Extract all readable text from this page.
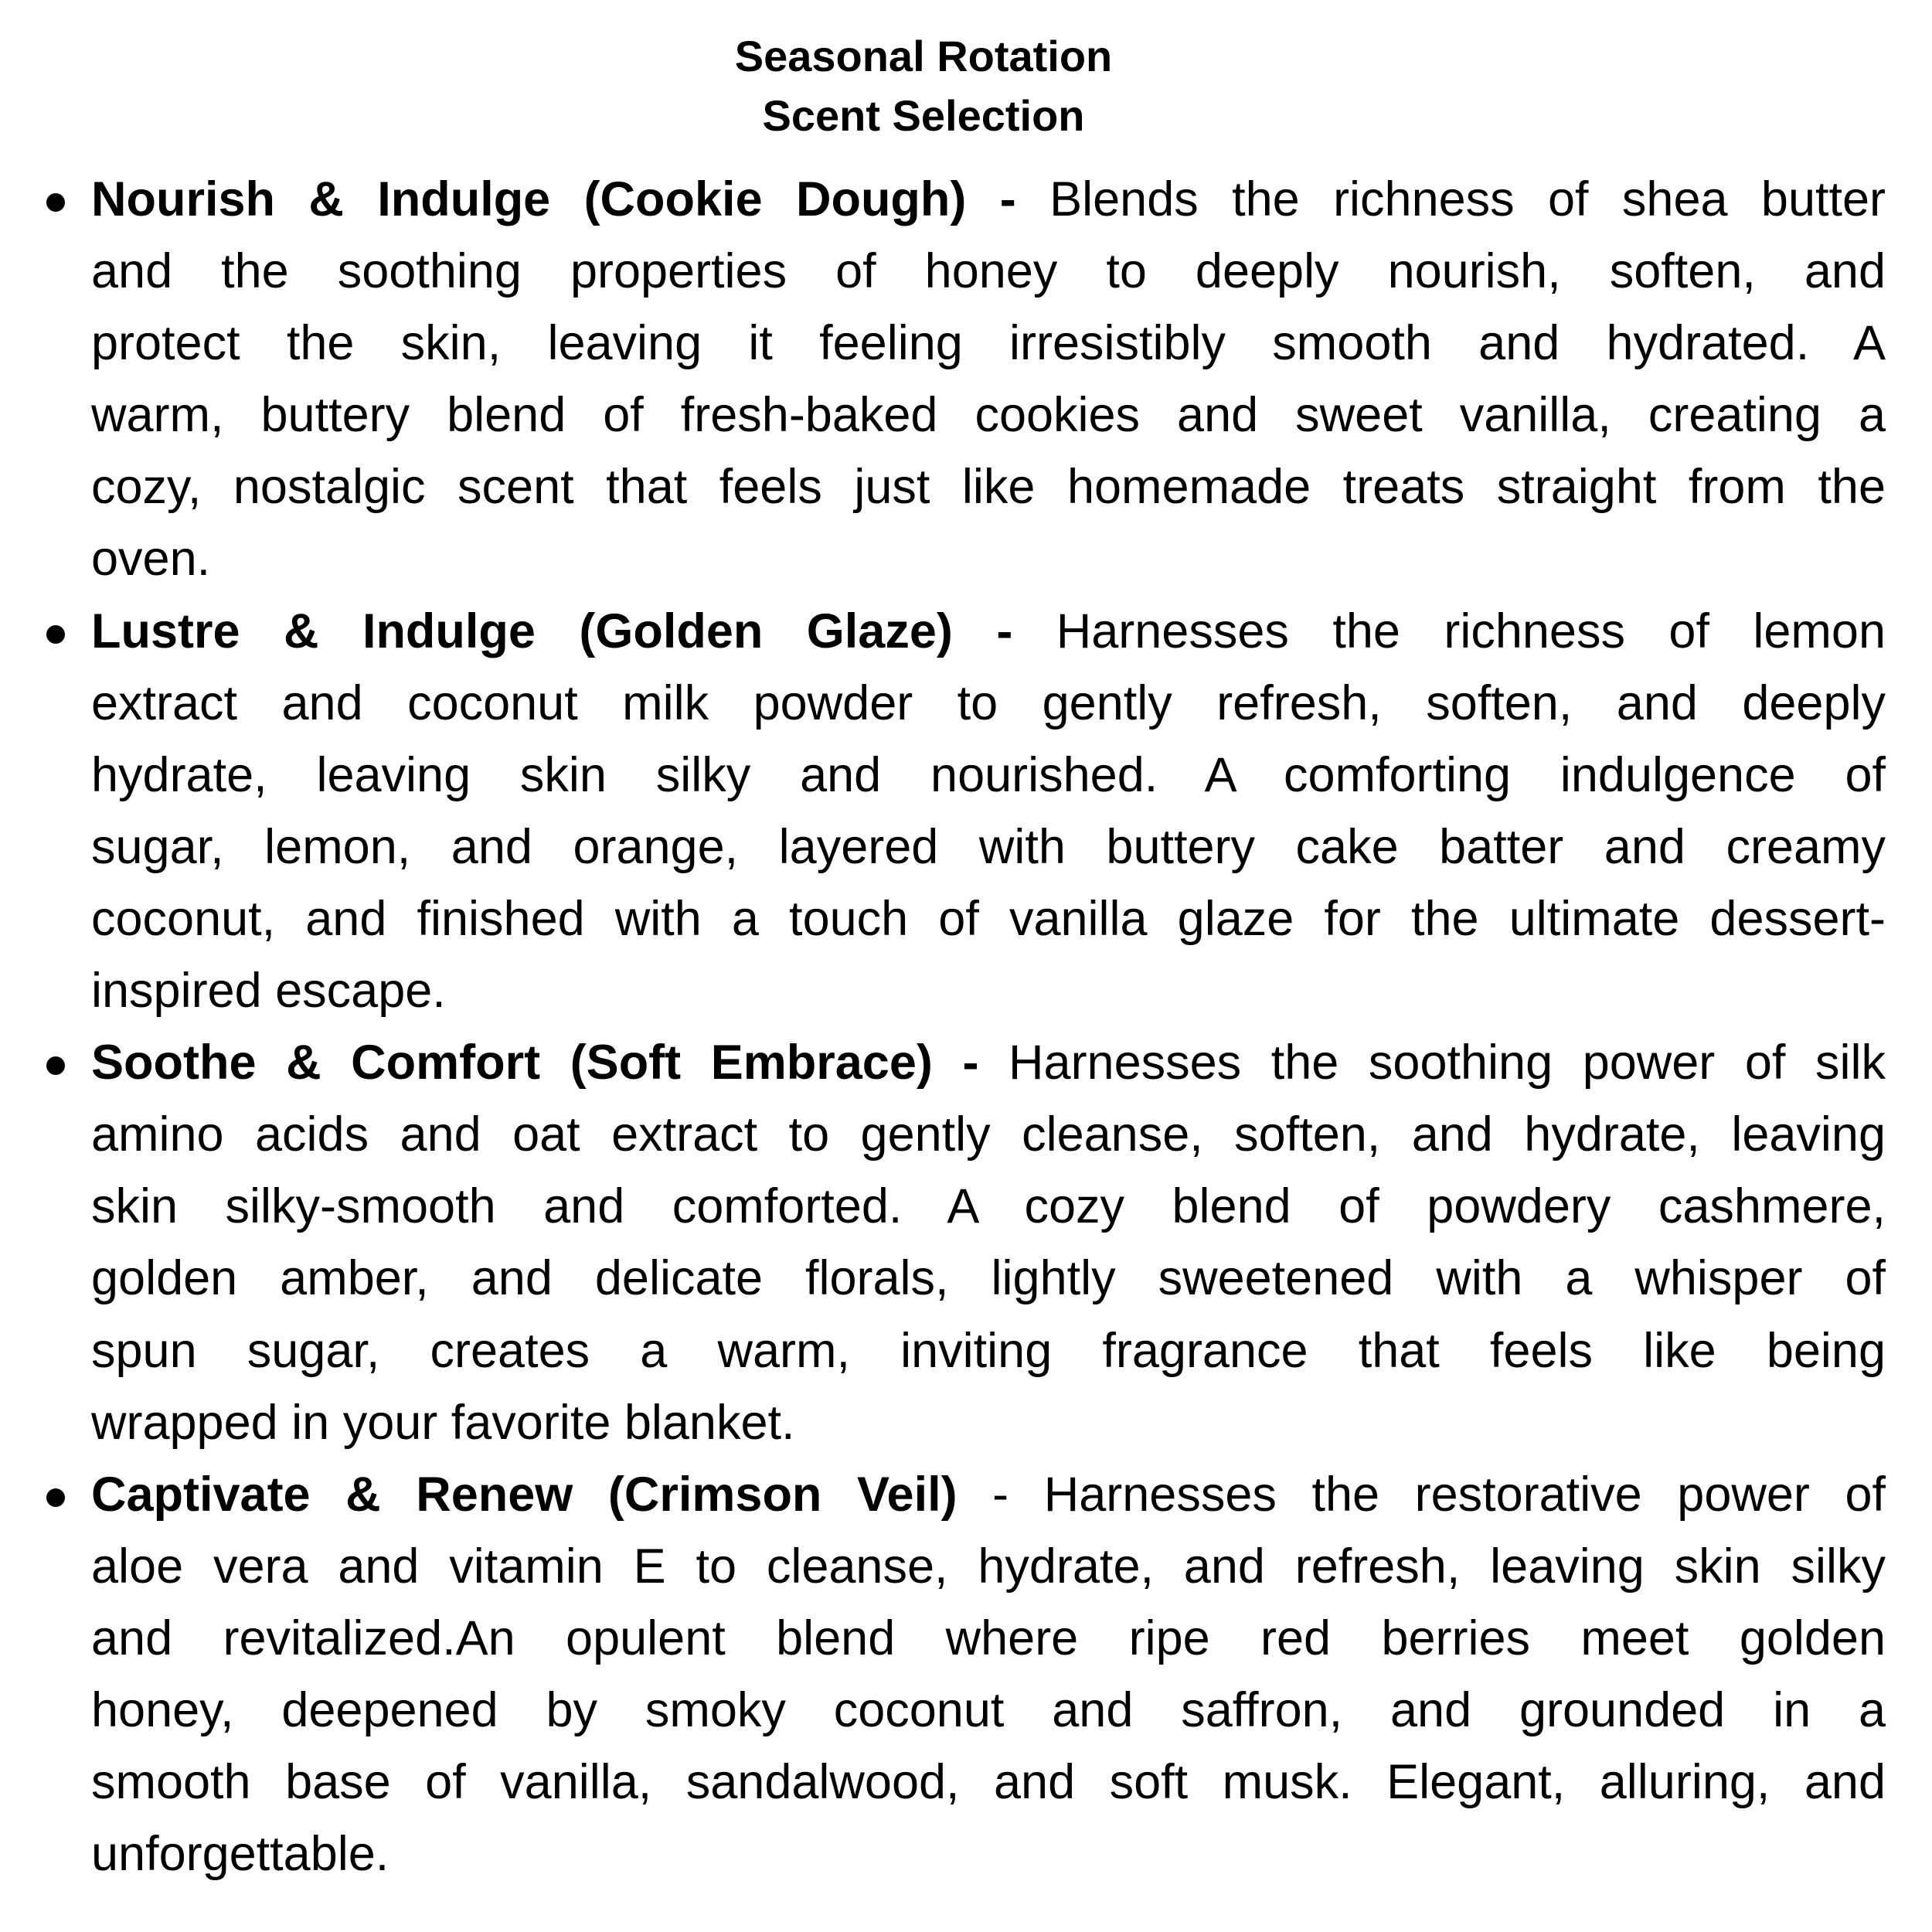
Seasonal Rotation
Scent Selection
Nourish & Indulge (Cookie Dough) - Blends the richness of shea butter
and the soothing properties of honey to deeply nourish, soften, and
protect the skin, leaving it feeling irresistibly smooth and hydrated. A
warm, buttery blend of fresh-baked cookies and sweet vanilla, creating a
cozy, nostalgic scent that feels just like homemade treats straight from the
oven.
Lustre & Indulge (Golden Glaze) - Harnesses the richness of lemon
extract and coconut milk powder to gently refresh, soften, and deeply
hydrate, leaving skin silky and nourished. A comforting indulgence of
sugar, lemon, and orange, layered with buttery cake batter and creamy
coconut, and finished with a touch of vanilla glaze for the ultimate dessert-
inspired escape.
Soothe & Comfort (Soft Embrace) - Harnesses the soothing power of silk
amino acids and oat extract to gently cleanse, soften, and hydrate, leaving
skin silky-smooth and comforted. A cozy blend of powdery cashmere,
golden amber, and delicate florals, lightly sweetened with a whisper of
spun sugar, creates a warm, inviting fragrance that feels like being
wrapped in your favorite blanket.
Captivate & Renew (Crimson Veil) - Harnesses the restorative power of
aloe vera and vitamin E to cleanse, hydrate, and refresh, leaving skin silky
and revitalized.An opulent blend where ripe red berries meet golden
honey, deepened by smoky coconut and saffron, and grounded in a
smooth base of vanilla, sandalwood, and soft musk. Elegant, alluring, and
unforgettable.
